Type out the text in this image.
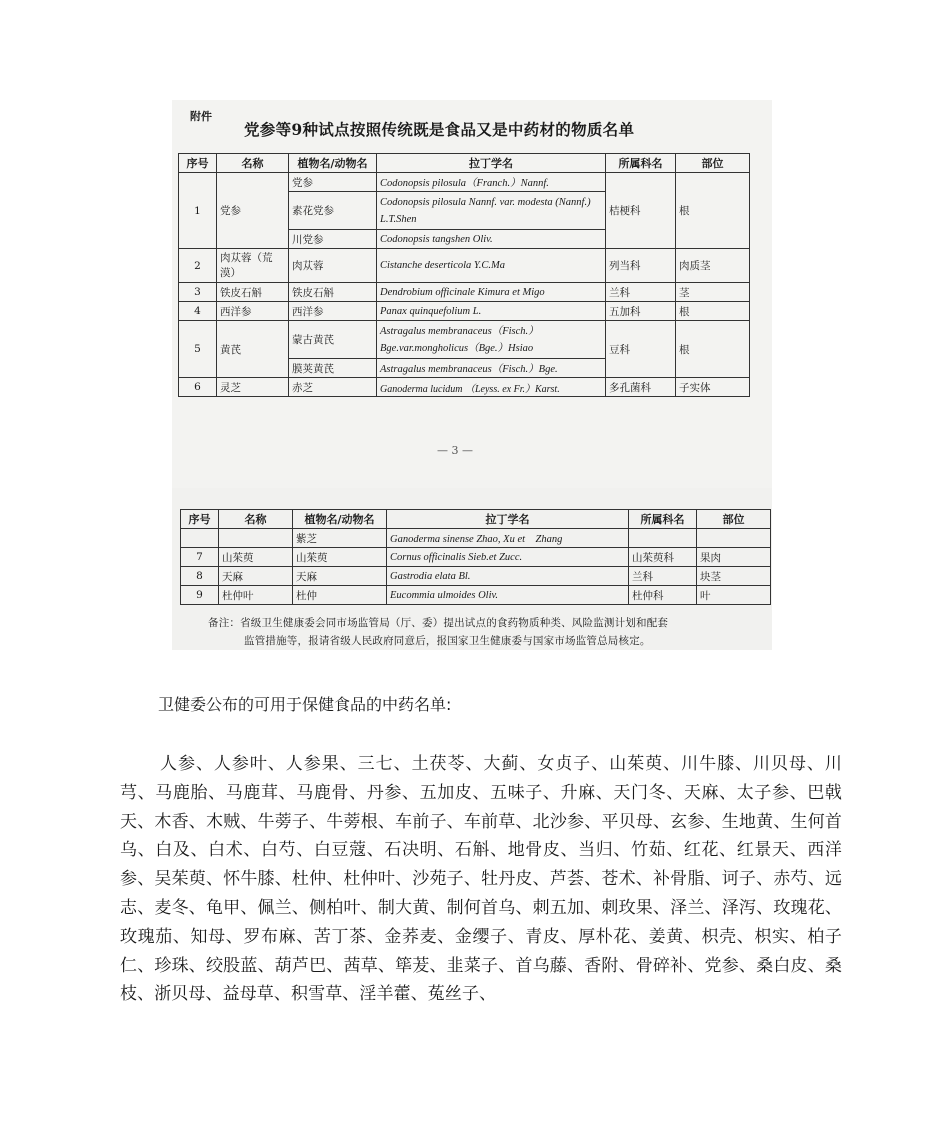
附件
党参等9种试点按照传统既是食品又是中药材的物质名单
序号	名称	植物名/动物名	拉丁学名	所属科名	部位
1	党参	党参	Codonopsis pilosula（Franch.）Nannf.	桔梗科	根
		素花党参	Codonopsis pilosula Nannf. var. modesta (Nannf.) L.T.Shen		
		川党参	Codonopsis tangshen Oliv.		
2	肉苁蓉（荒漠）	肉苁蓉	Cistanche deserticola Y.C.Ma	列当科	肉质茎
3	铁皮石斛	铁皮石斛	Dendrobium officinale Kimura et Migo	兰科	茎
4	西洋参	西洋参	Panax quinquefolium L.	五加科	根
5	黄芪	蒙古黄芪	Astragalus membranaceus（Fisch.）Bge.var.mongholicus（Bge.）Hsiao	豆科	根
		膜荚黄芪	Astragalus membranaceus（Fisch.）Bge.		
6	灵芝	赤芝	Ganoderma lucidum （Leyss. ex Fr.）Karst.	多孔菌科	子实体
— 3 —
序号	名称	植物名/动物名	拉丁学名	所属科名	部位
		紫芝	Ganoderma sinense Zhao, Xu et　Zhang		
7	山茱萸	山茱萸	Cornus officinalis Sieb.et Zucc.	山茱萸科	果肉
8	天麻	天麻	Gastrodia elata Bl.	兰科	块茎
9	杜仲叶	杜仲	Eucommia ulmoides Oliv.	杜仲科	叶
备注：省级卫生健康委会同市场监管局（厅、委）提出试点的食药物质种类、风险监测计划和配套
监管措施等，报请省级人民政府同意后，报国家卫生健康委与国家市场监管总局核定。
卫健委公布的可用于保健食品的中药名单:

人参、人参叶、人参果、三七、土茯苓、大蓟、女贞子、山茱萸、川牛膝、川贝母、川芎、马鹿胎、马鹿茸、马鹿骨、丹参、五加皮、五味子、升麻、天门冬、天麻、太子参、巴戟天、木香、木贼、牛蒡子、牛蒡根、车前子、车前草、北沙参、平贝母、玄参、生地黄、生何首乌、白及、白术、白芍、白豆蔻、石决明、石斛、地骨皮、当归、竹茹、红花、红景天、西洋参、吴茱萸、怀牛膝、杜仲、杜仲叶、沙苑子、牡丹皮、芦荟、苍术、补骨脂、诃子、赤芍、远志、麦冬、龟甲、佩兰、侧柏叶、制大黄、制何首乌、刺五加、刺玫果、泽兰、泽泻、玫瑰花、玫瑰茄、知母、罗布麻、苦丁茶、金荞麦、金缨子、青皮、厚朴花、姜黄、枳壳、枳实、柏子仁、珍珠、绞股蓝、葫芦巴、茜草、筚茇、韭菜子、首乌藤、香附、骨碎补、党参、桑白皮、桑枝、浙贝母、益母草、积雪草、淫羊藿、菟丝子、
